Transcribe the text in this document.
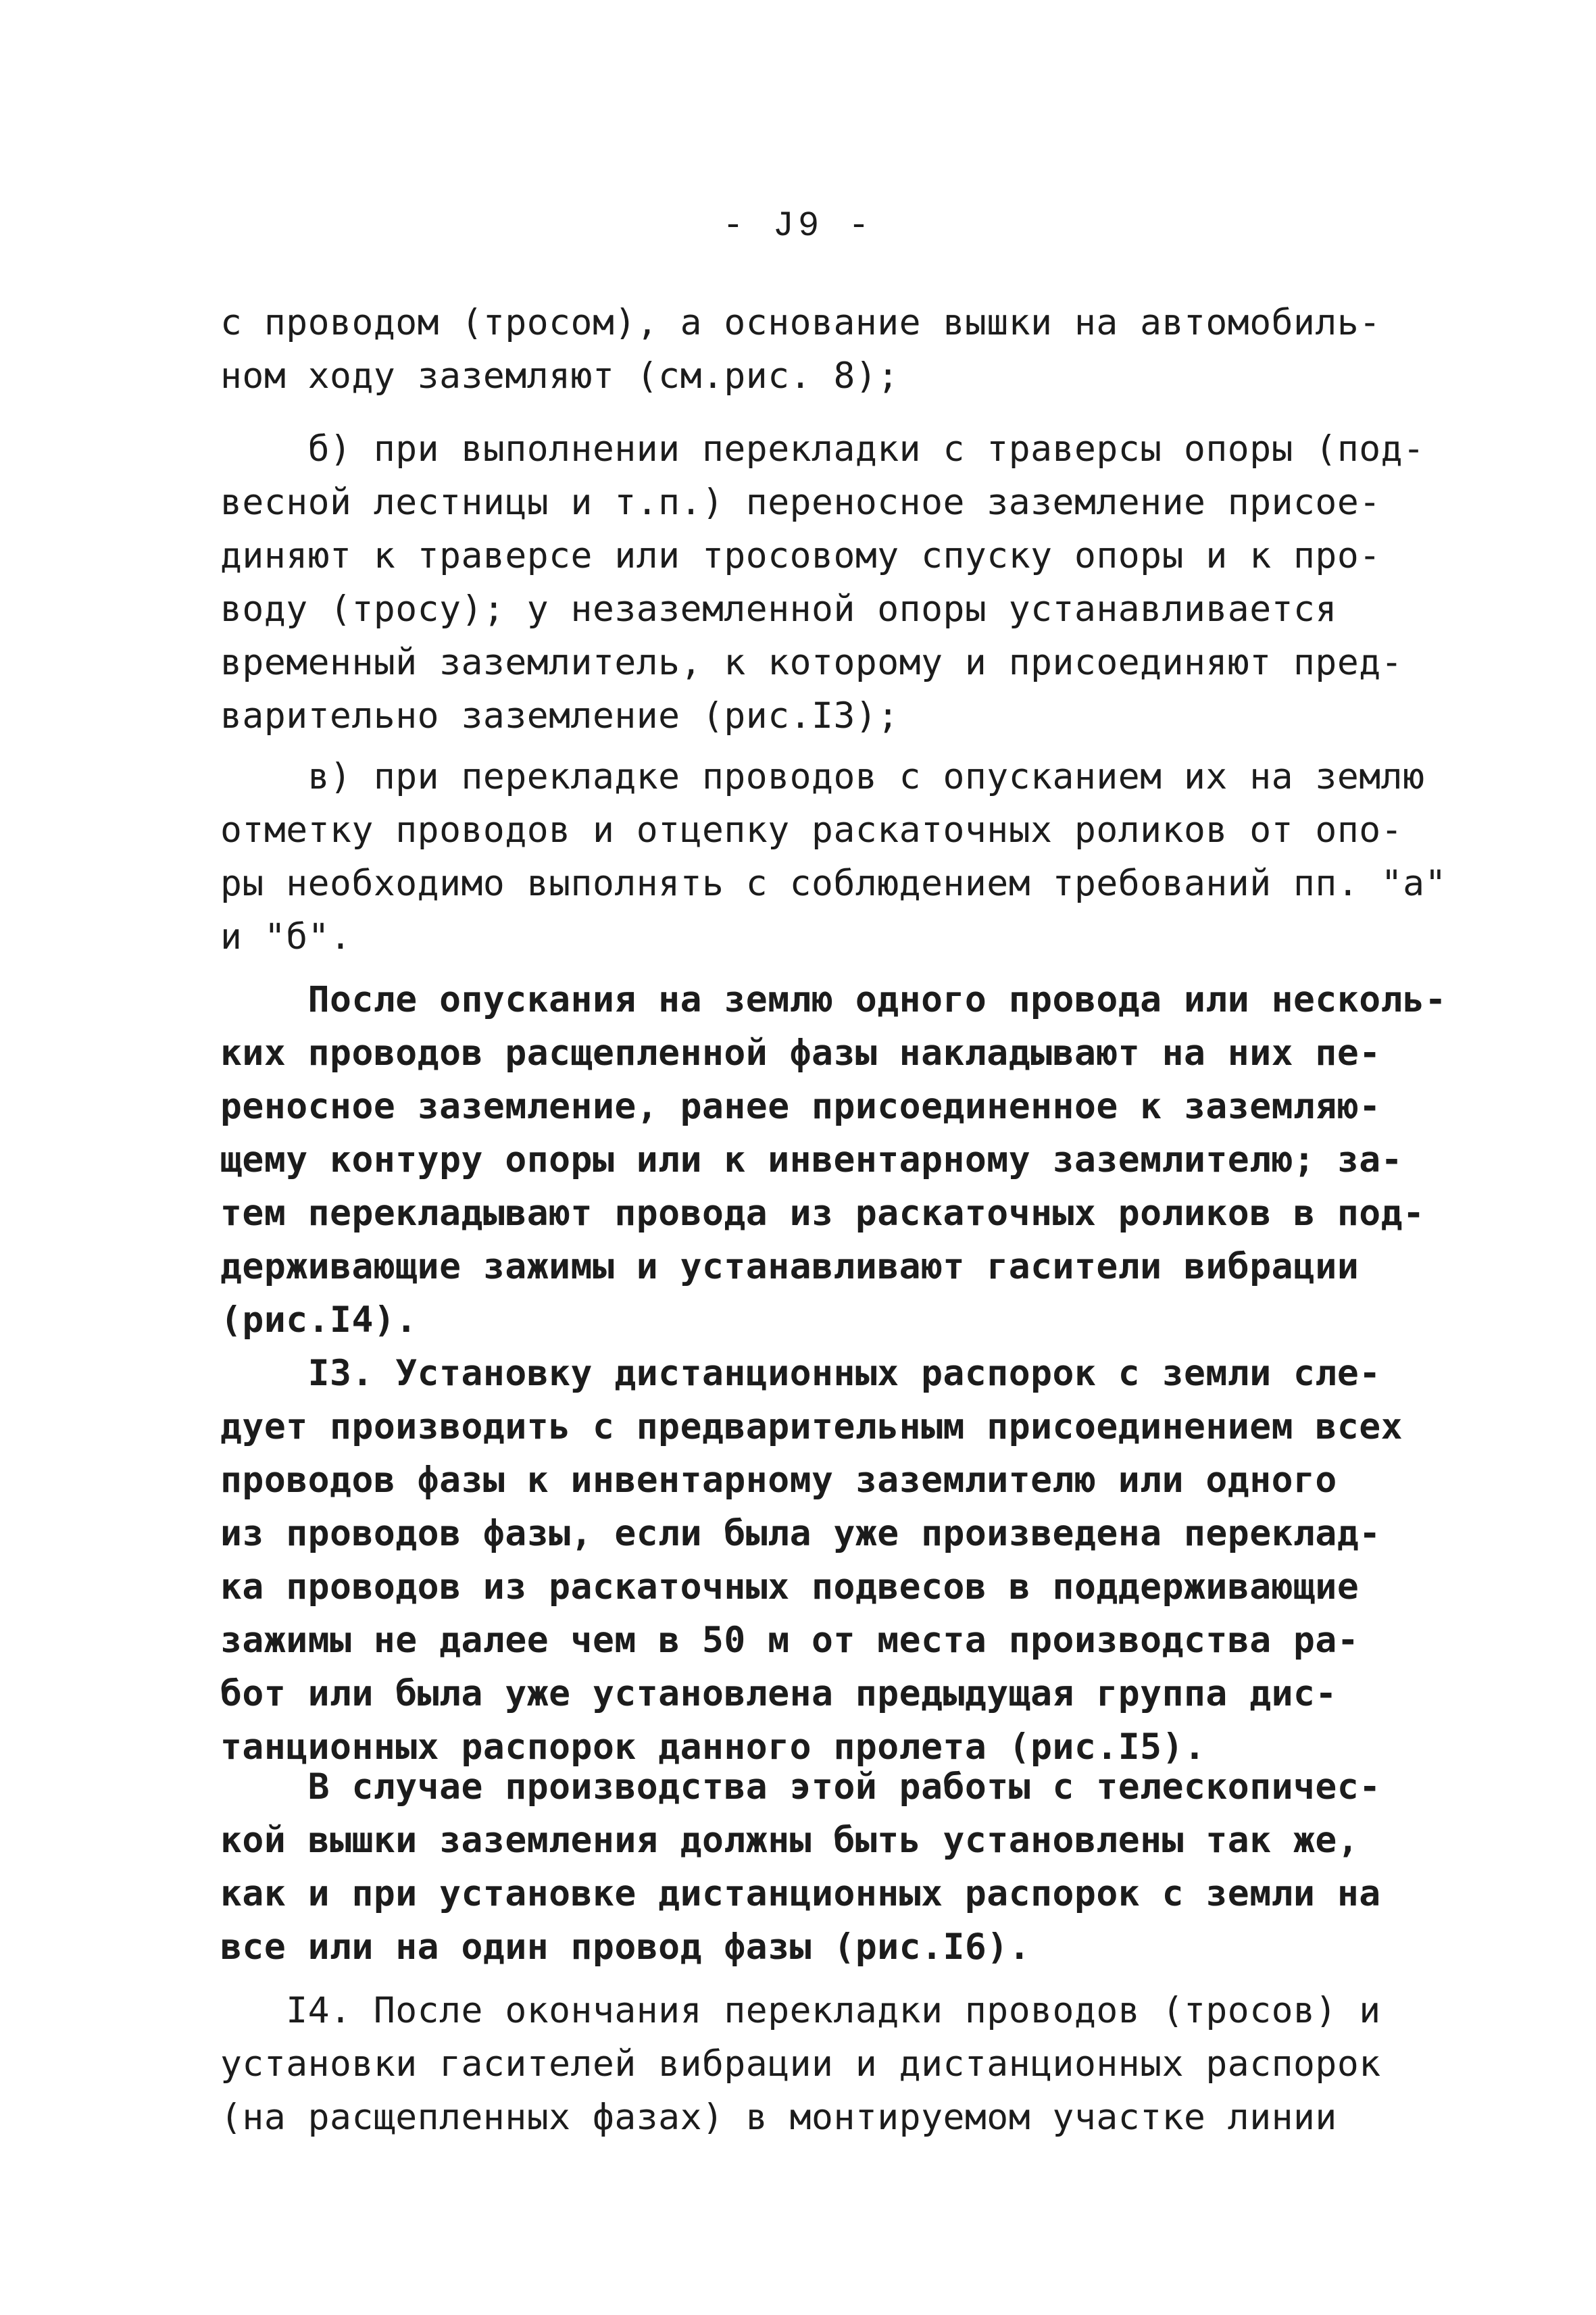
- J9 -
с проводом (тросом), а основание вышки на автомобиль-
ном ходу заземляют (см.рис. 8);
б) при выполнении перекладки с траверсы опоры (под-
весной лестницы и т.п.) переносное заземление присое-
диняют к траверсе или тросовому спуску опоры и к про-
воду (тросу); у незаземленной опоры устанавливается
временный заземлитель, к которому и присоединяют пред-
варительно заземление (рис.I3);
в) при перекладке проводов с опусканием их на землю
отметку проводов и отцепку раскаточных роликов от опо-
ры необходимо выполнять с соблюдением требований пп. "а"
и "б".
После опускания на землю одного провода или несколь-
ких проводов расщепленной фазы накладывают на них пе-
реносное заземление, ранее присоединенное к заземляю-
щему контуру опоры или к инвентарному заземлителю; за-
тем перекладывают провода из раскаточных роликов в под-
держивающие зажимы и устанавливают гасители вибрации
(рис.I4).
I3. Установку дистанционных распорок с земли сле-
дует производить с предварительным присоединением всех
проводов фазы к инвентарному заземлителю или одного
из проводов фазы, если была уже произведена переклад-
ка проводов из раскаточных подвесов в поддерживающие
зажимы не далее чем в 50 м от места производства ра-
бот или была уже установлена предыдущая группа дис-
танционных распорок данного пролета (рис.I5).
В случае производства этой работы с телескопичес-
кой вышки заземления должны быть установлены так же,
как и при установке дистанционных распорок с земли на
все или на один провод фазы (рис.I6).
I4. После окончания перекладки проводов (тросов) и
установки гасителей вибрации и дистанционных распорок
(на расщепленных фазах) в монтируемом участке линии
